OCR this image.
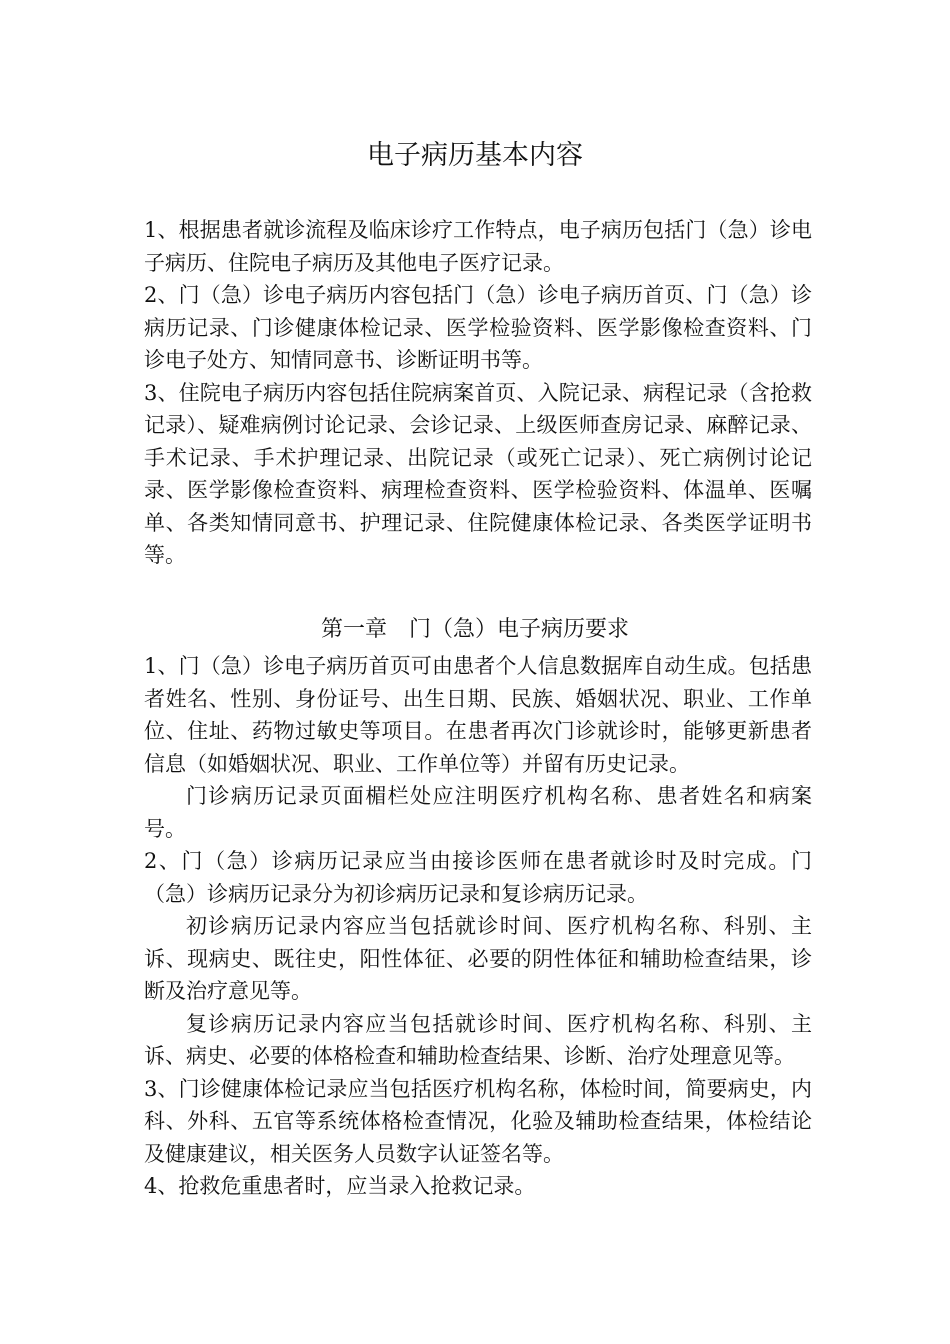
电子病历基本内容

1、根据患者就诊流程及临床诊疗工作特点，电子病历包括门（急）诊电子病历、住院电子病历及其他电子医疗记录。

2、门（急）诊电子病历内容包括门（急）诊电子病历首页、门（急）诊病历记录、门诊健康体检记录、医学检验资料、医学影像检查资料、门诊电子处方、知情同意书、诊断证明书等。

3、住院电子病历内容包括住院病案首页、入院记录、病程记录（含抢救记录）、疑难病例讨论记录、会诊记录、上级医师查房记录、麻醉记录、手术记录、手术护理记录、出院记录（或死亡记录）、死亡病例讨论记录、医学影像检查资料、病理检查资料、医学检验资料、体温单、医嘱单、各类知情同意书、护理记录、住院健康体检记录、各类医学证明书等。

第一章　门（急）电子病历要求

1、门（急）诊电子病历首页可由患者个人信息数据库自动生成。包括患者姓名、性别、身份证号、出生日期、民族、婚姻状况、职业、工作单位、住址、药物过敏史等项目。在患者再次门诊就诊时，能够更新患者信息（如婚姻状况、职业、工作单位等）并留有历史记录。

门诊病历记录页面楣栏处应注明医疗机构名称、患者姓名和病案号。

2、门（急）诊病历记录应当由接诊医师在患者就诊时及时完成。门（急）诊病历记录分为初诊病历记录和复诊病历记录。

初诊病历记录内容应当包括就诊时间、医疗机构名称、科别、主诉、现病史、既往史，阳性体征、必要的阴性体征和辅助检查结果，诊断及治疗意见等。

复诊病历记录内容应当包括就诊时间、医疗机构名称、科别、主诉、病史、必要的体格检查和辅助检查结果、诊断、治疗处理意见等。

3、门诊健康体检记录应当包括医疗机构名称，体检时间，简要病史，内科、外科、五官等系统体格检查情况，化验及辅助检查结果，体检结论及健康建议，相关医务人员数字认证签名等。

4、抢救危重患者时，应当录入抢救记录。
